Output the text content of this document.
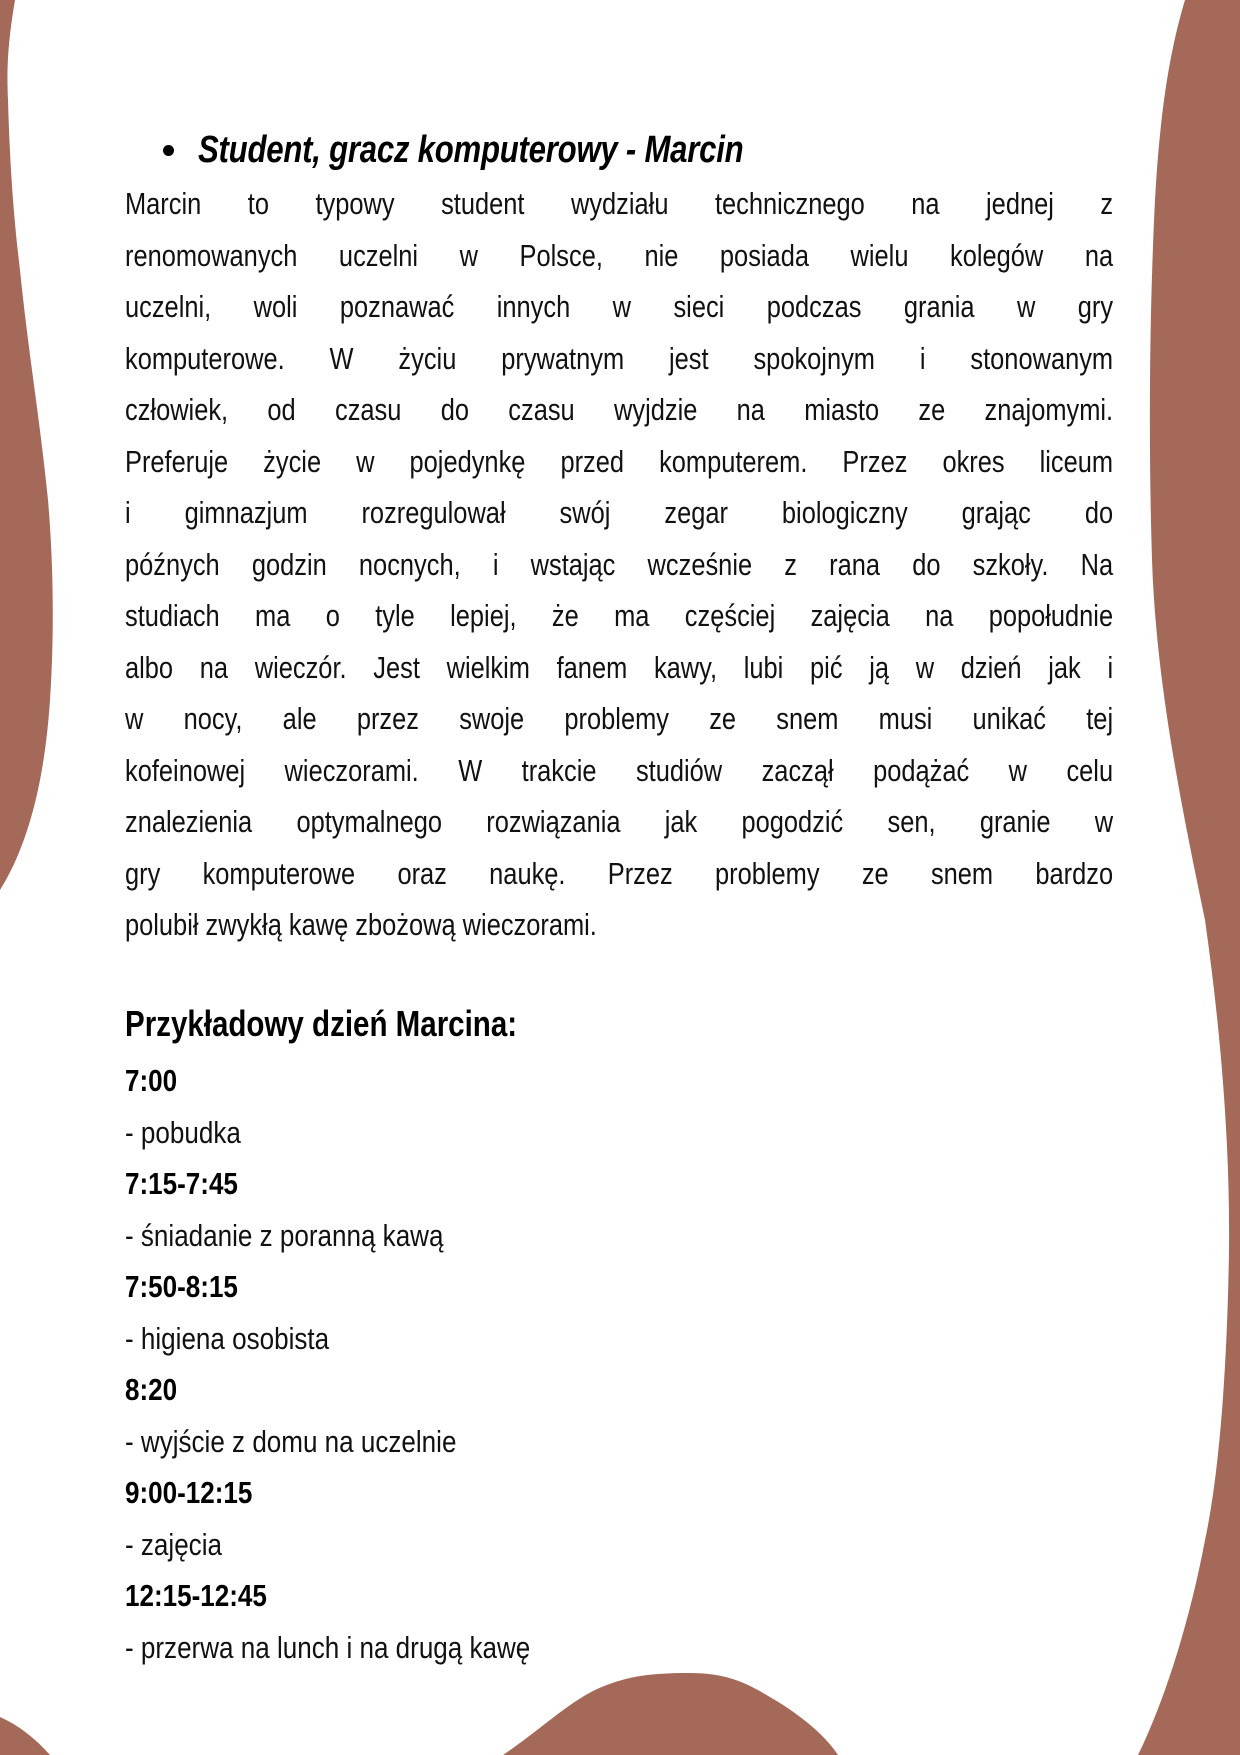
Student, gracz komputerowy - Marcin
Marcin to typowy student wydziału technicznego na jednej z
renomowanych uczelni w Polsce, nie posiada wielu kolegów na
uczelni, woli poznawać innych w sieci podczas grania w gry
komputerowe. W życiu prywatnym jest spokojnym i stonowanym
człowiek, od czasu do czasu wyjdzie na miasto ze znajomymi.
Preferuje życie w pojedynkę przed komputerem. Przez okres liceum
i gimnazjum rozregulował swój zegar biologiczny grając do
późnych godzin nocnych, i wstając wcześnie z rana do szkoły. Na
studiach ma o tyle lepiej, że ma częściej zajęcia na popołudnie
albo na wieczór. Jest wielkim fanem kawy, lubi pić ją w dzień jak i
w nocy, ale przez swoje problemy ze snem musi unikać tej
kofeinowej wieczorami. W trakcie studiów zaczął podążać w celu
znalezienia optymalnego rozwiązania jak pogodzić sen, granie w
gry komputerowe oraz naukę. Przez problemy ze snem bardzo
polubił zwykłą kawę zbożową wieczorami.
Przykładowy dzień Marcina:
7:00
- pobudka
7:15-7:45
- śniadanie z poranną kawą
7:50-8:15
- higiena osobista
8:20
- wyjście z domu na uczelnie
9:00-12:15
- zajęcia
12:15-12:45
- przerwa na lunch i na drugą kawę
